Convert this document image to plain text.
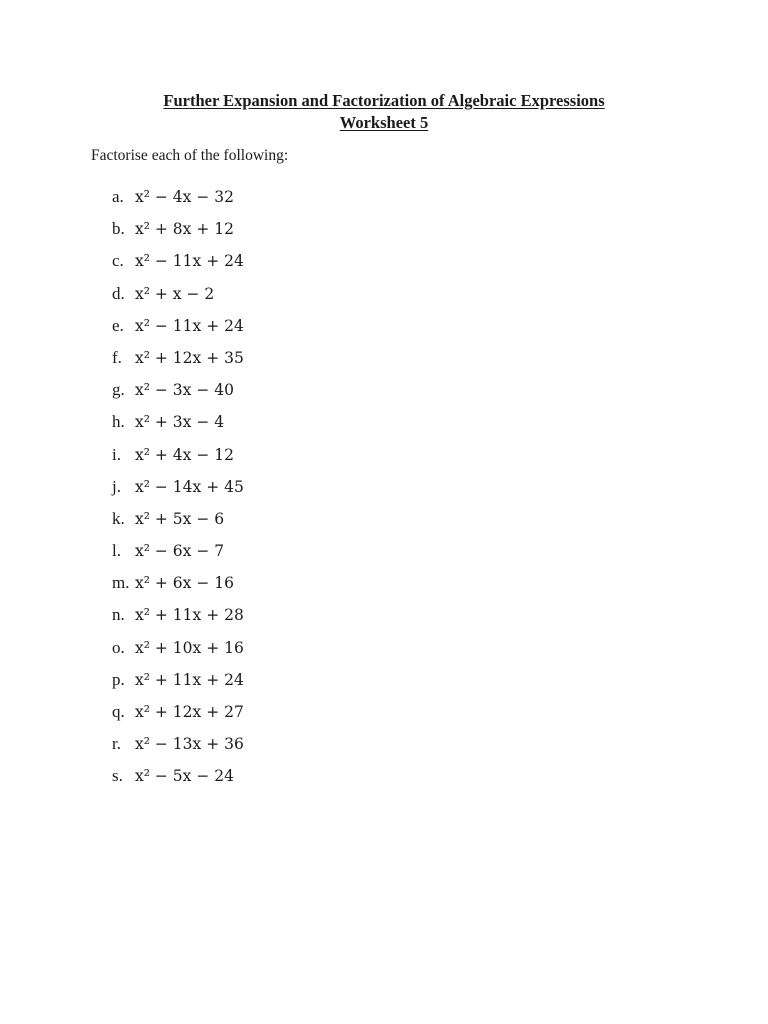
Further Expansion and Factorization of Algebraic Expressions
Worksheet 5
Factorise each of the following:
a. x² − 4x − 32
b. x² + 8x + 12
c. x² − 11x + 24
d. x² + x − 2
e. x² − 11x + 24
f. x² + 12x + 35
g. x² − 3x − 40
h. x² + 3x − 4
i. x² + 4x − 12
j. x² − 14x + 45
k. x² + 5x − 6
l. x² − 6x − 7
m. x² + 6x − 16
n. x² + 11x + 28
o. x² + 10x + 16
p. x² + 11x + 24
q. x² + 12x + 27
r. x² − 13x + 36
s. x² − 5x − 24
